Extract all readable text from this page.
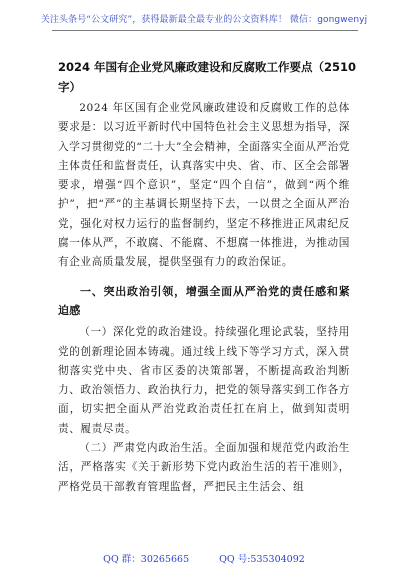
关注头条号“公文研究”，获得最新最全最专业的公文资料库！ 微信：gongwenyj
2024 年国有企业党风廉政建设和反腐败工作要点（2510字）

2024 年区国有企业党风廉政建设和反腐败工作的总体要求是：以习近平新时代中国特色社会主义思想为指导，深入学习贯彻党的“二十大”全会精神，全面落实全面从严治党主体责任和监督责任，认真落实中央、省、市、区全会部署要求，增强“四个意识”，坚定“四个自信”，做到“两个维护”，把“严”的主基调长期坚持下去，一以贯之全面从严治党，强化对权力运行的监督制约，坚定不移推进正风肃纪反腐一体从严，不敢腐、不能腐、不想腐一体推进，为推动国有企业高质量发展，提供坚强有力的政治保证。

一、突出政治引领，增强全面从严治党的责任感和紧迫感

（一）深化党的政治建设。持续强化理论武装，坚持用党的创新理论固本铸魂。通过线上线下等学习方式，深入贯彻落实党中央、省市区委的决策部署，不断提高政治判断力、政治领悟力、政治执行力，把党的领导落实到工作各方面，切实把全面从严治党政治责任扛在肩上，做到知责明责、履责尽责。

（二）严肃党内政治生活。全面加强和规范党内政治生活，严格落实《关于新形势下党内政治生活的若干准则》，严格党员干部教育管理监督，严把民主生活会、组

QQ 群：30265665	QQ 号:535304092
